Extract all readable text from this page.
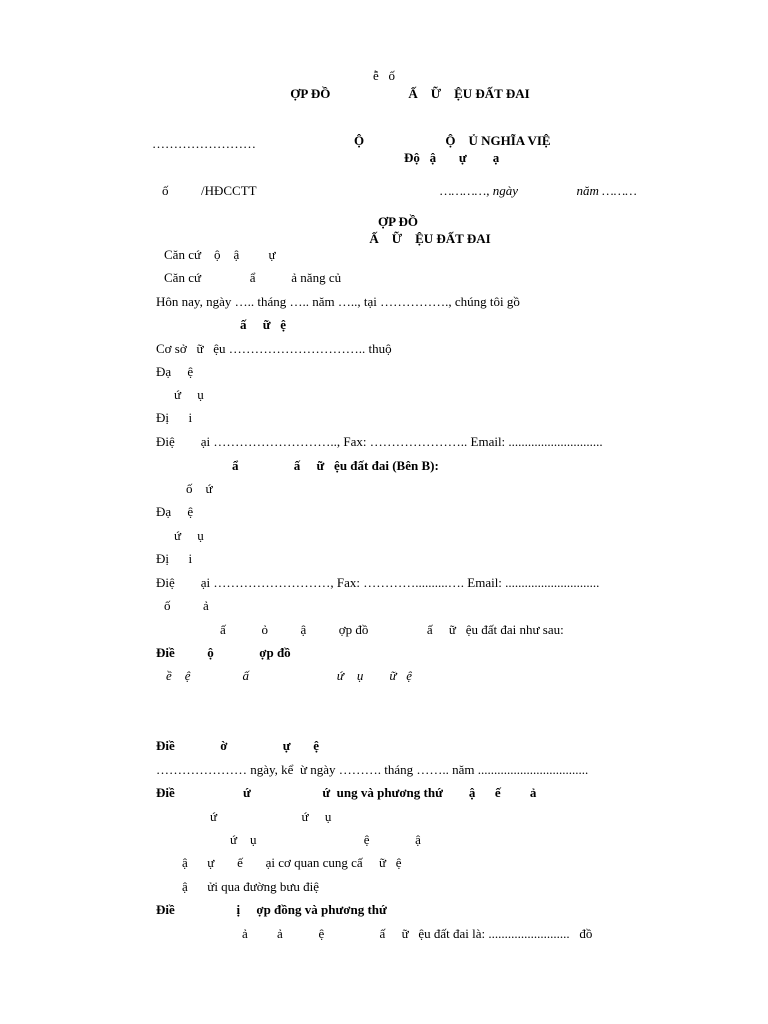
ễ   ố
ỢP ĐỒ                        Ấ    Ữ    ỆU ĐẤT ĐAI
……………………	Ộ                         Ộ    Ủ NGHĨA VIỆ
Độ   ậ       ự        ạ
ố          /HĐCCTT	…………, ngày                  năm ………
ỢP ĐỒ
Ấ    Ữ    ỆU ĐẤT ĐAI
Căn cứ    ộ    ậ         ự
Căn cứ               ẩ           ả năng củ
Hôn nay, ngày ….. tháng ….. năm ….., tại ……………., chúng tôi gồ
ấ     ữ   ệ
Cơ sở   ữ   ệu ………………………….. thuộ
Đạ     ệ
ứ     ụ
Đị      i
Điệ        ại ……………………….., Fax: ………………….. Email: .............................
ẩ                 ấ     ữ   ệu đất đai (Bên B):
ố    ứ
Đạ     ệ
ứ     ụ
Đị      i
Điệ        ại ………………………, Fax: …………..........…. Email: .............................
ố          ả
ấ           ỏ          ậ          ợp đồ                  ấ     ữ   ệu đất đai như sau:
Điề          ộ              ợp đồ
ề    ệ                ấ                           ứ    ụ        ữ   ệ
Điề              ờ                 ự       ệ
………………… ngày, kể  ừ ngày ………. tháng …….. năm ..................................
Điề                     ứ                      ứ  ung và phương thứ        ậ      ế         ả
ứ                          ứ     ụ
ứ    ụ                                 ệ              ậ
ậ      ự       ế       ại cơ quan cung cấ     ữ   ệ
ậ      ửi qua đường bưu điệ
Điề                   ị     ợp đồng và phương thứ
ả         ả           ệ                 ấ     ữ   ệu đất đai là: .........................   đồ
